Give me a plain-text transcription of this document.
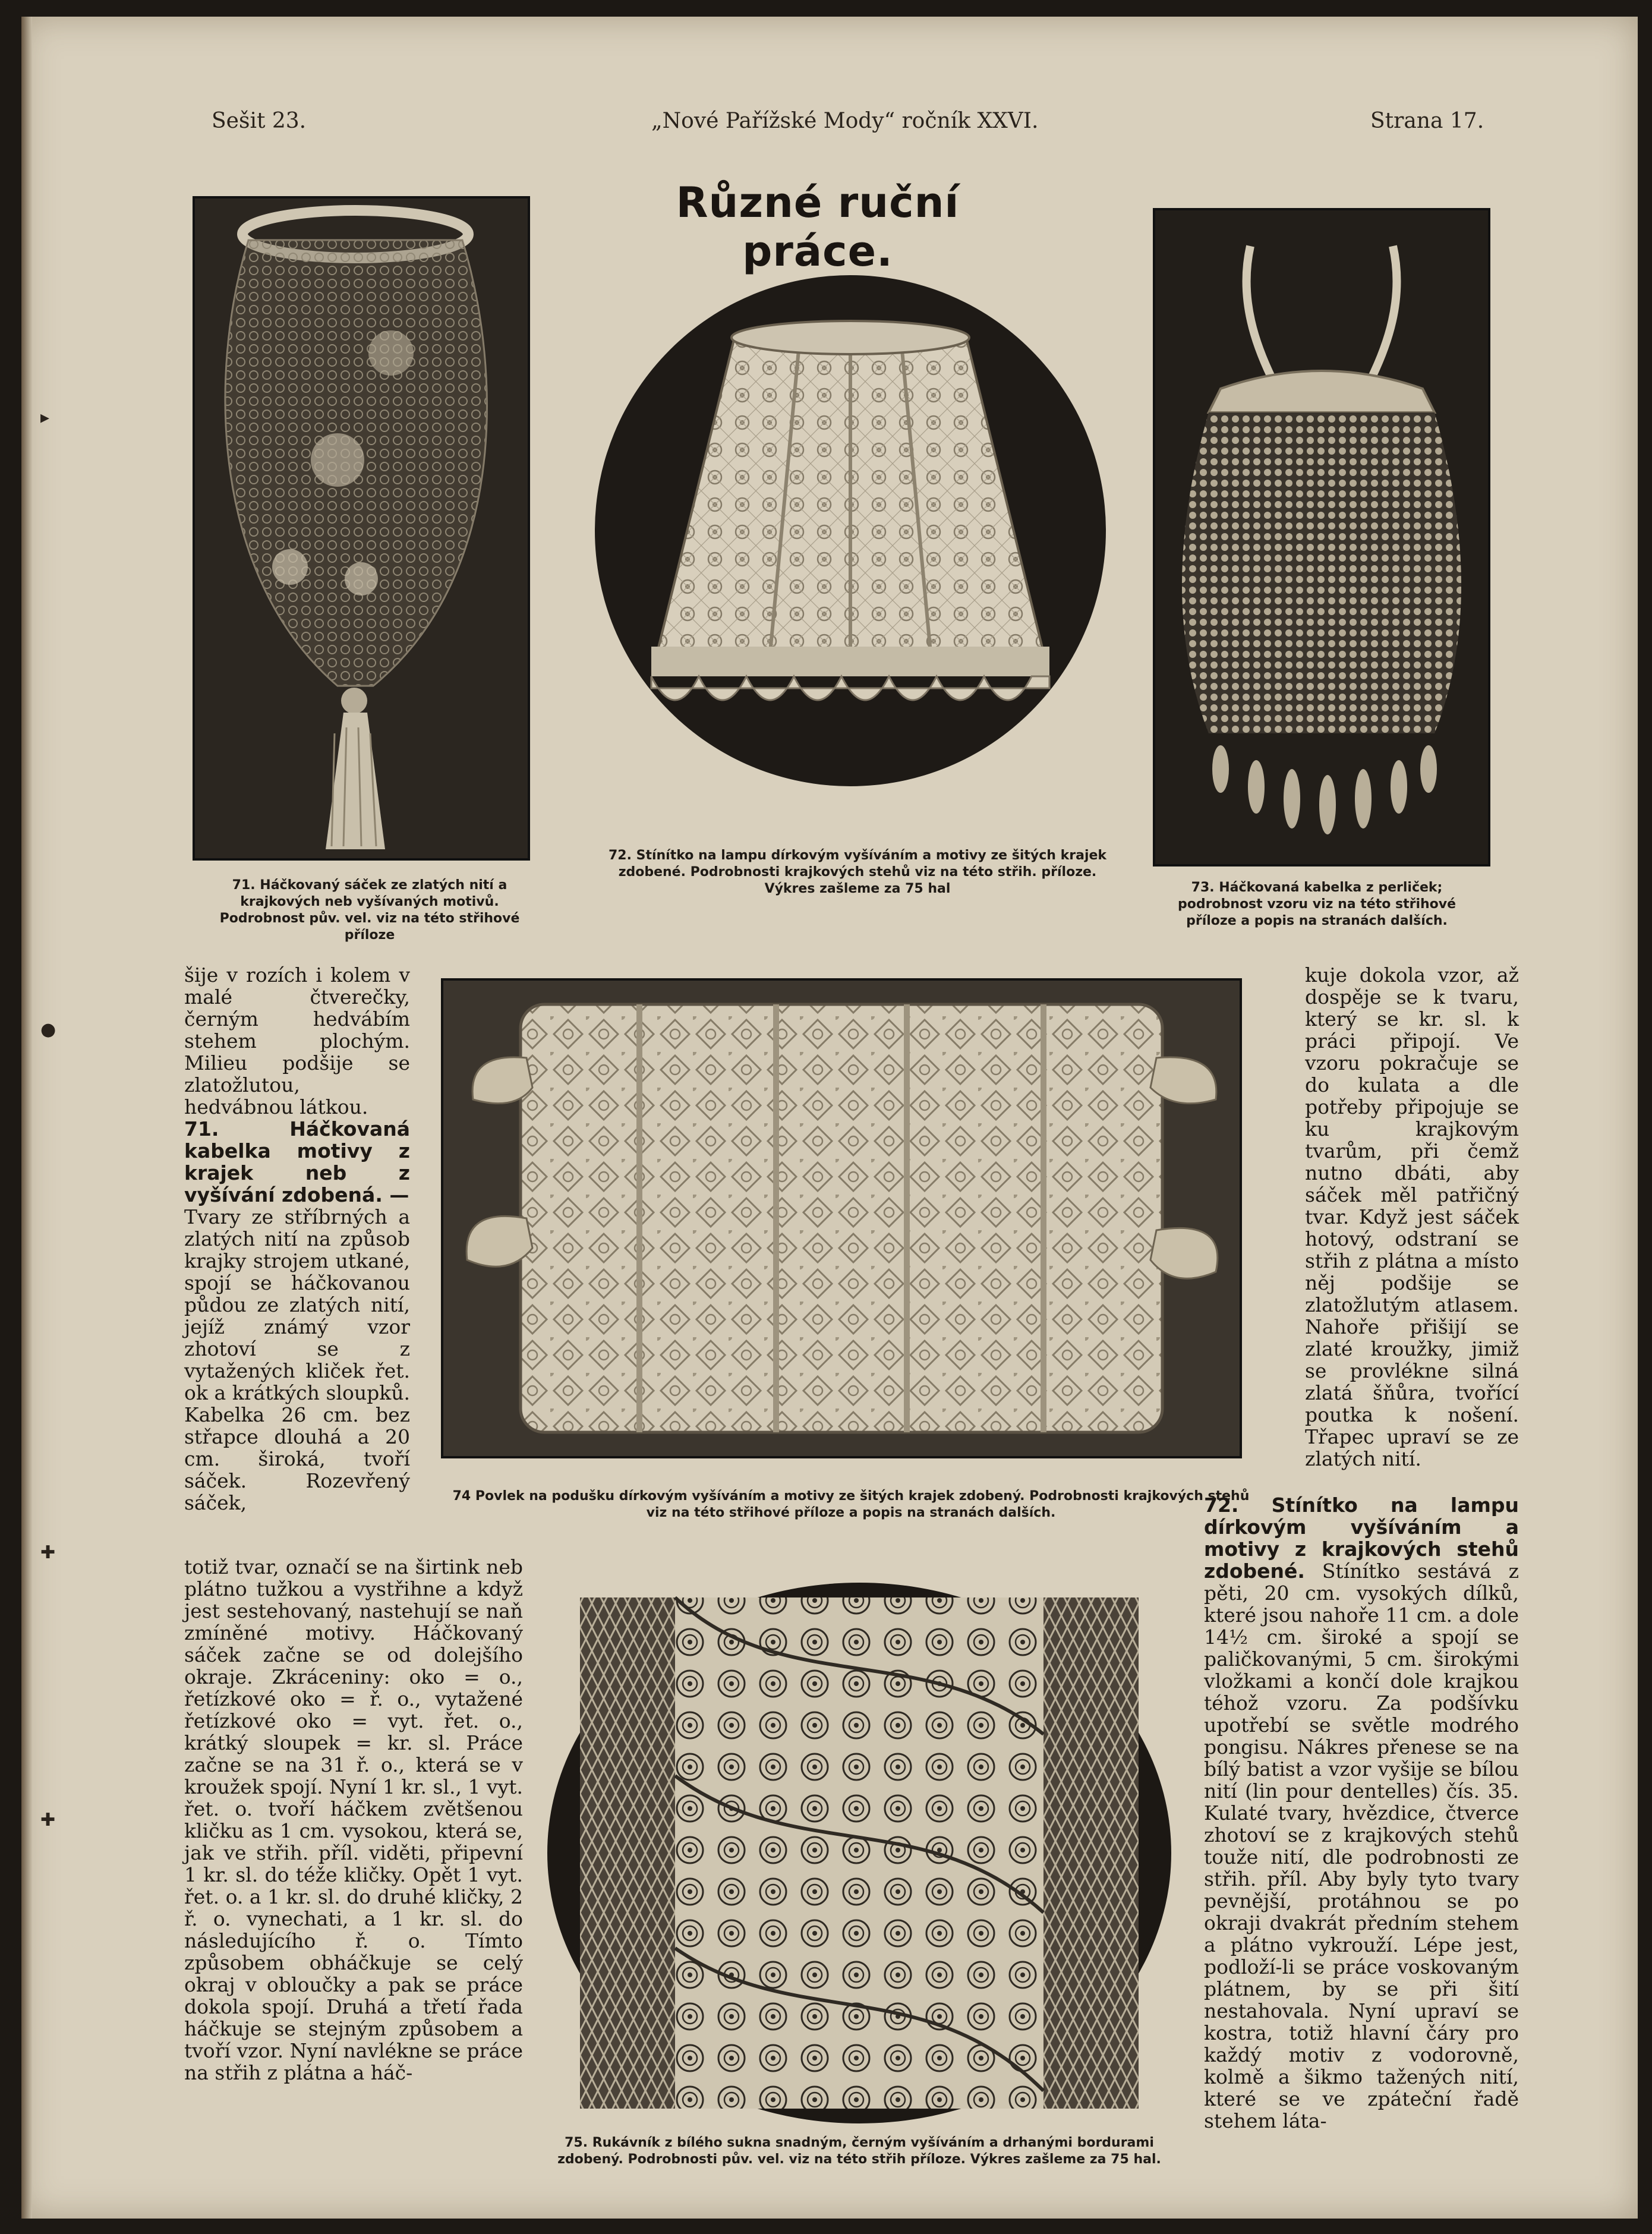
▸
●
✚
✚
Sešit 23.	„Nové Pařížské Mody“ ročník XXVI.	Strana 17.
Různé ruční práce.
71. Háčkovaný sáček ze zlatých nití a krajkových neb vyšívaných motivů. Podrobnost pův. vel. viz na této střihové příloze
72. Stínítko na lampu dírkovým vyšíváním a motivy ze šitých krajek zdobené. Podrobnosti krajkových stehů viz na této střih. příloze. Výkres zašleme za 75 hal	73. Háčkovaná kabelka z perliček; podrobnost vzoru viz na této střihové příloze a popis na stranách dalších.

šije v rozích i kolem v malé čtverečky, černým hedvábím stehem plochým. Milieu podšije se zlatožlutou, hedvábnou látkou.

71. Háčkovaná kabelka motivy z krajek neb z vyšívání zdobená. —

Tvary ze stříbrných a zlatých nití na způsob krajky strojem utkané, spojí se háčkovanou půdou ze zlatých nití, jejíž známý vzor zhotoví se z vytažených kliček řet. ok a krátkých sloupků. Kabelka 26 cm. bez střapce dlouhá a 20 cm. široká, tvoří sáček. Rozevřený sáček,	74 Povlek na podušku dírkovým vyšíváním a motivy ze šitých krajek zdobený. Podrobnosti krajkových stehů viz na této střihové příloze a popis na stranách dalších.

kuje dokola vzor, až dospěje se k tvaru, který se kr. sl. k práci připojí. Ve vzoru pokračuje se do kulata a dle potřeby připojuje se ku krajkovým tvarům, při čemž nutno dbáti, aby sáček měl patřičný tvar. Když jest sáček hotový, odstraní se střih z plátna a místo něj podšije se zlatožlutým atlasem. Nahoře přišijí se zlaté kroužky, jimiž se provlékne silná zlatá šňůra, tvořící poutka k nošení. Třapec upraví se ze zlatých nití.

72. Stínítko na lampu dírkovým vyšíváním a motivy z krajkových stehů zdobené. Stínítko sestává z pěti, 20 cm. vysokých dílků, které jsou nahoře 11 cm. a dole 14½ cm. široké a spojí se paličkovanými, 5 cm. širokými vložkami a končí dole krajkou téhož vzoru. Za podšívku upotřebí se světle modrého pongisu. Nákres přenese se na bílý batist a vzor vyšije se bílou nití (lin pour dentelles) čís. 35. Kulaté tvary, hvězdice, čtverce zhotoví se z krajkových stehů touže nití, dle podrobnosti ze střih. příl. Aby byly tyto tvary pevnější, protáhnou se po okraji dvakrát předním stehem a plátno vykrouží. Lépe jest, podloží-li se práce voskovaným plátnem, by se při šití nestahovala. Nyní upraví se kostra, totiž hlavní čáry pro každý motiv z vodorovně, kolmě a šikmo tažených nití, které se ve zpáteční řadě stehem láta-

totiž tvar, označí se na širtink neb plátno tužkou a vystřihne a když jest sestehovaný, nastehují se naň zmíněné motivy. Háčkovaný sáček začne se od dolejšího okraje. Zkráceniny: oko = o., řetízkové oko = ř. o., vytažené řetízkové oko = vyt. řet. o., krátký sloupek = kr. sl. Práce začne se na 31 ř. o., která se v kroužek spojí. Nyní 1 kr. sl., 1 vyt. řet. o. tvoří háčkem zvětšenou kličku as 1 cm. vysokou, která se, jak ve střih. příl. viděti, připevní 1 kr. sl. do téže kličky. Opět 1 vyt. řet. o. a 1 kr. sl. do druhé kličky, 2 ř. o. vynechati, a 1 kr. sl. do následujícího ř. o. Tímto způsobem obháčkuje se celý okraj v obloučky a pak se práce dokola spojí. Druhá a třetí řada háčkuje se stejným způsobem a tvoří vzor. Nyní navlékne se práce na střih z plátna a háč-

75. Rukávník z bílého sukna snadným, černým vyšíváním a drhanými bordurami zdobený. Podrobnosti pův. vel. viz na této střih příloze. Výkres zašleme za 75 hal.
